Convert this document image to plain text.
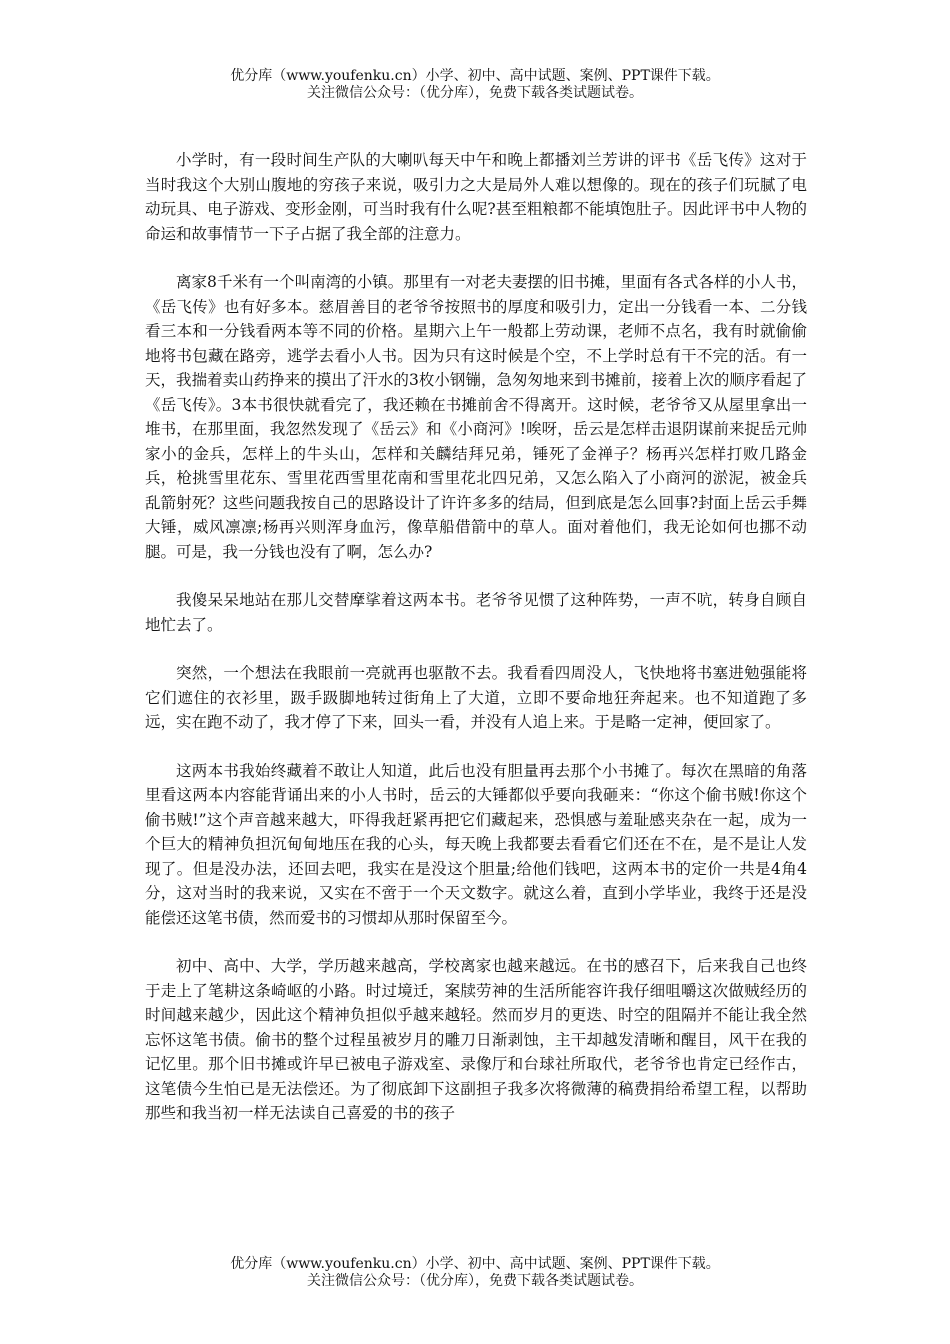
优分库（www.youfenku.cn）小学、初中、高中试题、案例、PPT课件下载。
关注微信公众号：（优分库），免费下载各类试题试卷。

小学时，有一段时间生产队的大喇叭每天中午和晚上都播刘兰芳讲的评书《岳飞传》这对于当时我这个大别山腹地的穷孩子来说，吸引力之大是局外人难以想像的。现在的孩子们玩腻了电动玩具、电子游戏、变形金刚，可当时我有什么呢?甚至粗粮都不能填饱肚子。因此评书中人物的命运和故事情节一下子占据了我全部的注意力。

离家8千米有一个叫南湾的小镇。那里有一对老夫妻摆的旧书摊，里面有各式各样的小人书，《岳飞传》也有好多本。慈眉善目的老爷爷按照书的厚度和吸引力，定出一分钱看一本、二分钱看三本和一分钱看两本等不同的价格。星期六上午一般都上劳动课，老师不点名，我有时就偷偷地将书包藏在路旁，逃学去看小人书。因为只有这时候是个空，不上学时总有干不完的活。有一天，我揣着卖山药挣来的摸出了汗水的3枚小钢镚，急匆匆地来到书摊前，接着上次的顺序看起了《岳飞传》。3本书很快就看完了，我还赖在书摊前舍不得离开。这时候，老爷爷又从屋里拿出一堆书，在那里面，我忽然发现了《岳云》和《小商河》!唉呀，岳云是怎样击退阴谋前来捉岳元帅家小的金兵，怎样上的牛头山，怎样和关麟结拜兄弟，锤死了金禅子？杨再兴怎样打败几路金兵，枪挑雪里花东、雪里花西雪里花南和雪里花北四兄弟，又怎么陷入了小商河的淤泥，被金兵乱箭射死？这些问题我按自己的思路设计了许许多多的结局，但到底是怎么回事?封面上岳云手舞大锤，威风凛凛;杨再兴则浑身血污，像草船借箭中的草人。面对着他们，我无论如何也挪不动腿。可是，我一分钱也没有了啊，怎么办?

我傻呆呆地站在那儿交替摩挲着这两本书。老爷爷见惯了这种阵势，一声不吭，转身自顾自地忙去了。

突然，一个想法在我眼前一亮就再也驱散不去。我看看四周没人，飞快地将书塞进勉强能将它们遮住的衣衫里，趿手趿脚地转过街角上了大道，立即不要命地狂奔起来。也不知道跑了多远，实在跑不动了，我才停了下来，回头一看，并没有人追上来。于是略一定神，便回家了。

这两本书我始终藏着不敢让人知道，此后也没有胆量再去那个小书摊了。每次在黑暗的角落里看这两本内容能背诵出来的小人书时，岳云的大锤都似乎要向我砸来：“你这个偷书贼!你这个偷书贼!”这个声音越来越大，吓得我赶紧再把它们藏起来，恐惧感与羞耻感夹杂在一起，成为一个巨大的精神负担沉甸甸地压在我的心头，每天晚上我都要去看看它们还在不在，是不是让人发现了。但是没办法，还回去吧，我实在是没这个胆量;给他们钱吧，这两本书的定价一共是4角4分，这对当时的我来说，又实在不啻于一个天文数字。就这么着，直到小学毕业，我终于还是没能偿还这笔书债，然而爱书的习惯却从那时保留至今。

初中、高中、大学，学历越来越高，学校离家也越来越远。在书的感召下，后来我自己也终于走上了笔耕这条崎岖的小路。时过境迁，案牍劳神的生活所能容许我仔细咀嚼这次做贼经历的时间越来越少，因此这个精神负担似乎越来越轻。然而岁月的更迭、时空的阻隔并不能让我全然忘怀这笔书债。偷书的整个过程虽被岁月的雕刀日渐剥蚀，主干却越发清晰和醒目，风干在我的记忆里。那个旧书摊或许早已被电子游戏室、录像厅和台球社所取代，老爷爷也肯定已经作古，这笔债今生怕已是无法偿还。为了彻底卸下这副担子我多次将微薄的稿费捐给希望工程，以帮助那些和我当初一样无法读自己喜爱的书的孩子

优分库（www.youfenku.cn）小学、初中、高中试题、案例、PPT课件下载。
关注微信公众号：（优分库），免费下载各类试题试卷。
